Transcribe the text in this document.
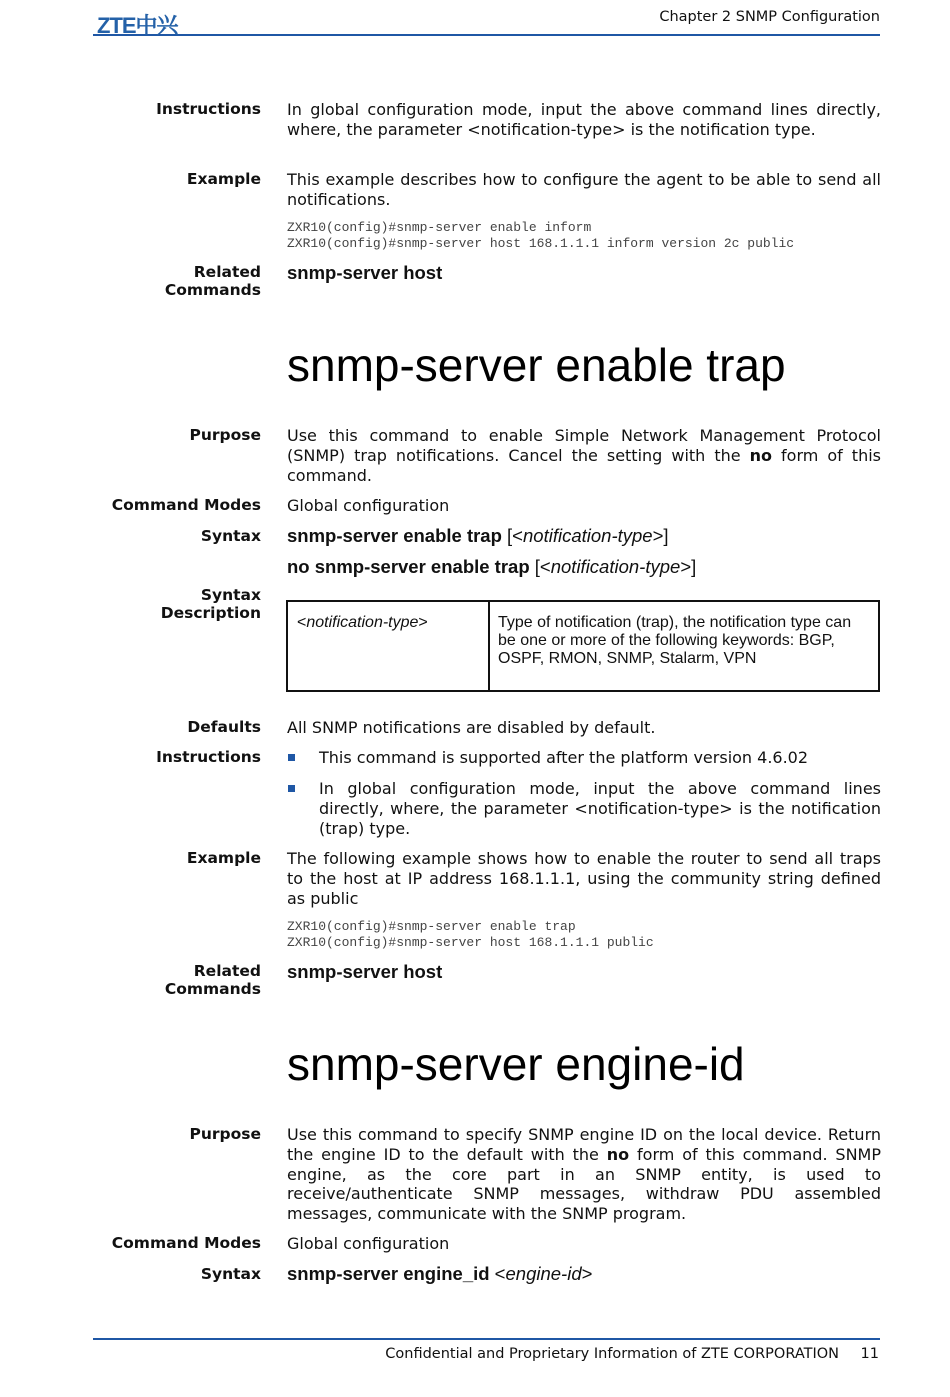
ZTE中兴	Chapter 2 SNMP Configuration
Instructions In global configuration mode, input the above command lines directly, where, the parameter <notification-type> is the notification type.
Example This example describes how to configure the agent to be able to send all notifications.
ZXR10(config)#snmp-server enable inform
ZXR10(config)#snmp-server host 168.1.1.1 inform version 2c public
Related
Commands
snmp-server host
snmp-server enable trap
Purpose Use this command to enable Simple Network Management Protocol (SNMP) trap notifications. Cancel the setting with the no form of this command.
Command Modes Global configuration
Syntax snmp-server enable trap [<notification-type>]
no snmp-server enable trap [<notification-type>]
Syntax
Description
<notification-type>	Type of notification (trap), the notification type can be one or more of the following keywords: BGP, OSPF, RMON, SNMP, Stalarm, VPN
Defaults All SNMP notifications are disabled by default.
Instructions	This command is supported after the platform version 4.6.02
In global configuration mode, input the above command lines directly, where, the parameter <notification-type> is the notification (trap) type.
Example The following example shows how to enable the router to send all traps to the host at IP address 168.1.1.1, using the community string defined as public
ZXR10(config)#snmp-server enable trap
ZXR10(config)#snmp-server host 168.1.1.1 public
Related
Commands
snmp-server host
snmp-server engine-id
Purpose Use this command to specify SNMP engine ID on the local device. Return the engine ID to the default with the no form of this command. SNMP engine, as the core part in an SNMP entity, is used to receive/authenticate SNMP messages, withdraw PDU assembled messages, communicate with the SNMP program.
Command Modes Global configuration
Syntax snmp-server engine_id <engine-id>
Confidential and Proprietary Information of ZTE CORPORATION 11
